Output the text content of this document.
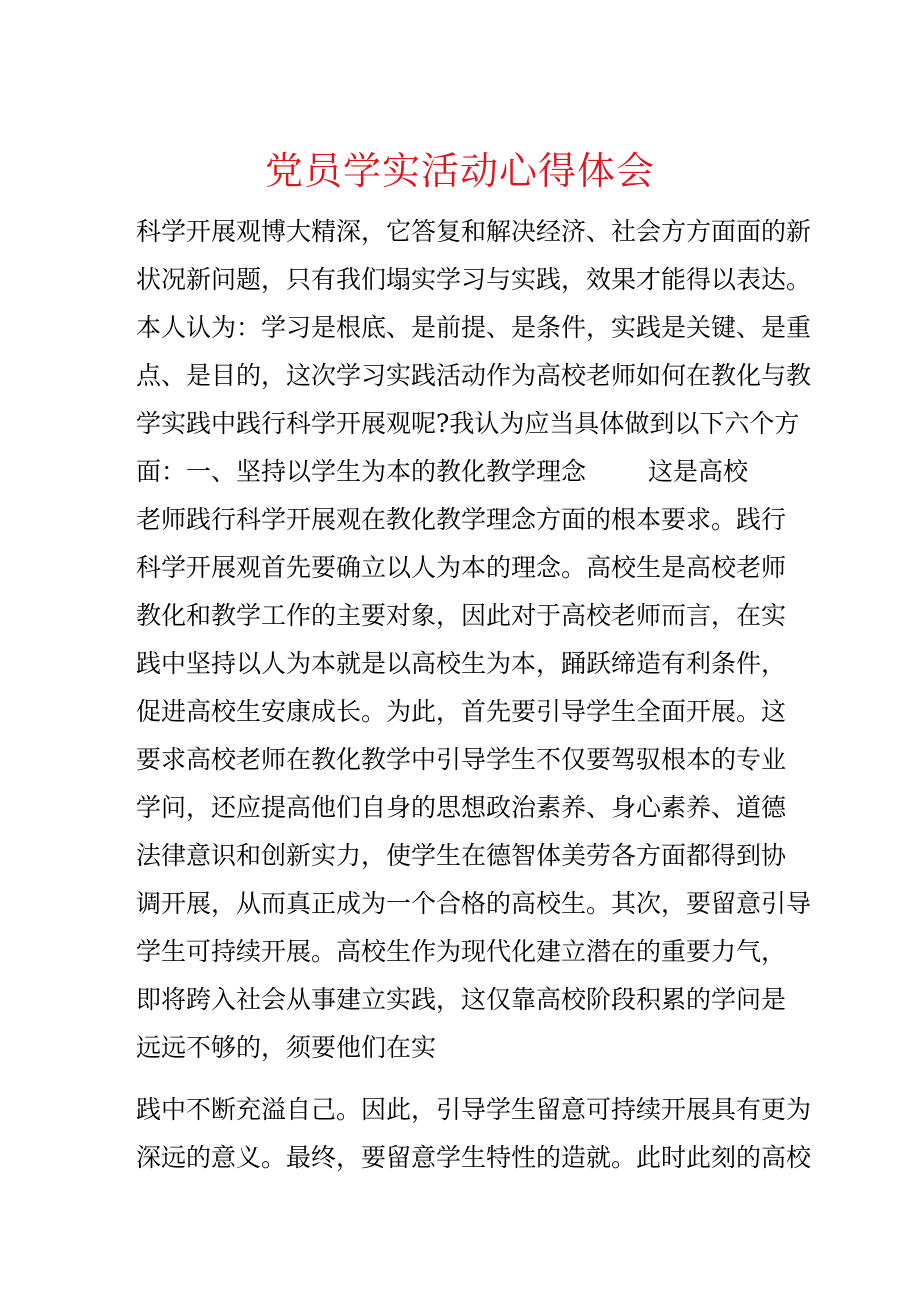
党员学实活动心得体会
科学开展观博大精深，它答复和解决经济、社会方方面面的新
状况新问题，只有我们塌实学习与实践，效果才能得以表达。
本人认为：学习是根底、是前提、是条件，实践是关键、是重
点、是目的，这次学习实践活动作为高校老师如何在教化与教
学实践中践行科学开展观呢?我认为应当具体做到以下六个方
面：一、坚持以学生为本的教化教学理念 这是高校
老师践行科学开展观在教化教学理念方面的根本要求。践行
科学开展观首先要确立以人为本的理念。高校生是高校老师
教化和教学工作的主要对象，因此对于高校老师而言，在实
践中坚持以人为本就是以高校生为本，踊跃缔造有利条件，
促进高校生安康成长。为此，首先要引导学生全面开展。这
要求高校老师在教化教学中引导学生不仅要驾驭根本的专业
学问，还应提高他们自身的思想政治素养、身心素养、道德
法律意识和创新实力，使学生在德智体美劳各方面都得到协
调开展，从而真正成为一个合格的高校生。其次，要留意引导
学生可持续开展。高校生作为现代化建立潜在的重要力气，
即将跨入社会从事建立实践，这仅靠高校阶段积累的学问是
远远不够的，须要他们在实
践中不断充溢自己。因此，引导学生留意可持续开展具有更为
深远的意义。最终，要留意学生特性的造就。此时此刻的高校
